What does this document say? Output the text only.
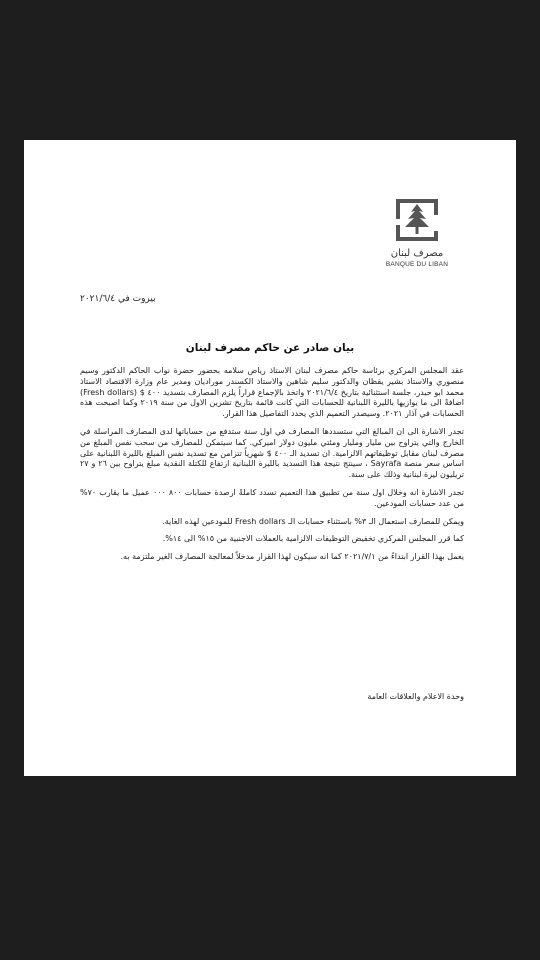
مصرف لبنان
BANQUE DU LIBAN
بيروت في ٢٠٢١/٦/٤
بيان صادر عن حاكم مصرف لبنان

عقد المجلس المركزي برئاسة حاكم مصرف لبنان الاستاذ رياض سلامه بحضور حضرة نواب الحاكم الدكتور وسيم منصوري والاستاذ بشير يقظان والدكتور سليم شاهين والاستاذ الكسندر موراديان ومدير عام وزارة الاقتصاد الاستاذ محمد ابو حيدر، جلسة استثنائية بتاريخ ٢٠٢١/٦/٤ واتخذ بالإجماع قراراً يلزم المصارف بتسديد ٤٠٠ $ (Fresh dollars) اضافةً الى ما يوازيها بالليرة اللبنانية للحسابات التي كانت قائمة بتاريخ تشرين الاول من سنة ٢٠١٩ وكما اصبحت هذه الحسابات في آذار ٢٠٢١. وسيصدر التعميم الذي يحدد التفاصيل هذا القرار.

تجدر الاشارة الى ان المبالغ التي ستسددها المصارف في اول سنة ستدفع من حساباتها لدى المصارف المراسلة في الخارج والتي يتراوح بين مليار ومليار ومئتي مليون دولار اميركي. كما سيتمكن للمصارف من سحب نفس المبلغ من مصرف لبنان مقابل توظيفاتهم الالزامية. ان تسديد الـ ٤٠٠ $ شهرياً تتزامن مع تسديد نفس المبلغ بالليرة اللبنانية على اساس سعر منصة Sayrafa ، سينتج نتيجة هذا التسديد بالليرة اللبنانية ارتفاع للكتلة النقدية مبلغ يتراوح بين ٢٦ و ٢٧ تريليون ليرة لبنانية وذلك على سنة.

تجدر الاشارة انه وخلال اول سنة من تطبيق هذا التعميم تسدد كاملةً ارصدة حسابات ٨٠٠ ٠٠٠ عميل ما يقارب ٧٠% من عدد حسابات المودعين.

ويمكن للمصارف استعمال الـ ٣% باستثناء حسابات الـ Fresh dollars للمودعين لهذه الغاية.

كما قرر المجلس المركزي تخفيض التوظيفات الالزامية بالعملات الاجنبية من ١٥% الى ١٤%.

يعمل بهذا القرار ابتداءً من ٢٠٢١/٧/١ كما انه سيكون لهذا القرار مدخلاً لمعالجة المصارف الغير ملتزمة به.

وحدة الاعلام والعلاقات العامة
